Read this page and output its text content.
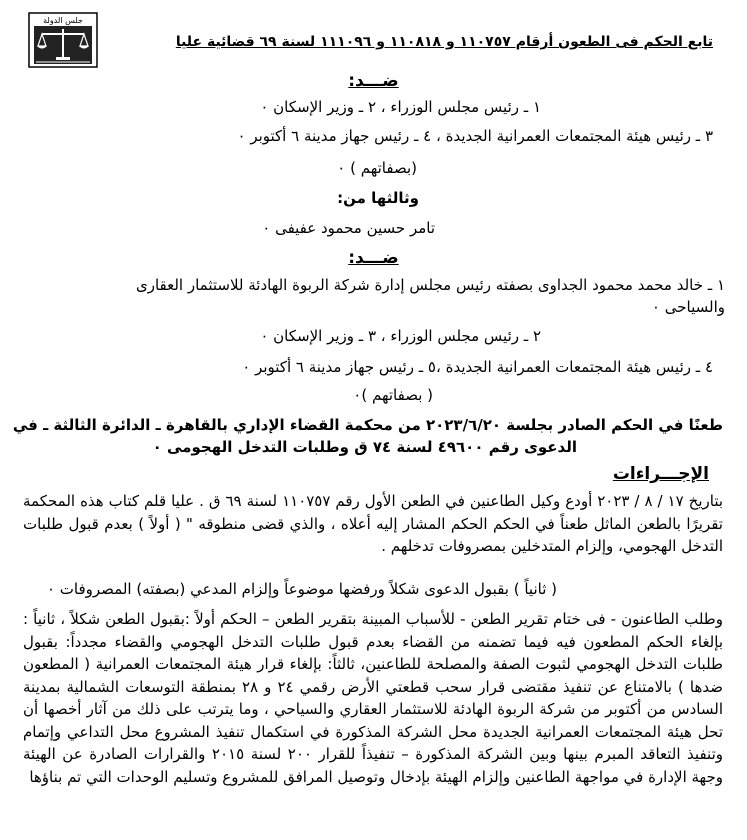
جلس الدولة
تابع الحكم فى الطعون أرقام ١١٠٧٥٧ و ١١٠٨١٨ و ١١١٠٩٦ لسنة ٦٩ قضائية عليا
ضـــد:
١ ـ رئيس مجلس الوزراء ، ٢ ـ وزير الإسكان ٠
٣ ـ رئيس هيئة المجتمعات العمرانية الجديدة ، ٤ ـ رئيس جهاز مدينة ٦ أكتوبر ٠
(بصفاتهم ) ٠
وثالثها من:
تامر حسين محمود عفيفى ٠
ضـــد:
١ ـ خالد محمد محمود الجداوى بصفته رئيس مجلس إدارة شركة الربوة الهادئة للاستثمار العقارى
والسياحى ٠
٢ ـ رئيس مجلس الوزراء ، ٣ ـ وزير الإسكان ٠
٤ ـ رئيس هيئة المجتمعات العمرانية الجديدة ،٥ ـ رئيس جهاز مدينة ٦ أكتوبر ٠
( بصفاتهم )٠
طعنًا في الحكم الصادر بجلسة ٢٠٢٣/٦/٢٠ من محكمة القضاء الإداري بالقاهرة ـ الدائرة الثالثة ـ في
الدعوى رقم ٤٩٦٠٠ لسنة ٧٤ ق وطلبات التدخل الهجومى ٠
الإجـــراءات

بتاريخ ١٧ / ٨ / ٢٠٢٣ أودع وكيل الطاعنين في الطعن الأول رقم ١١٠٧٥٧ لسنة ٦٩ ق . عليا قلم كتاب هذه المحكمة تقريرًا بالطعن الماثل طعناً في الحكم الحكم المشار إليه أعلاه ، والذي قضى منطوقه " ( أولاً ) بعدم قبول طلبات التدخل الهجومي، وإلزام المتدخلين بمصروفات تدخلهم .

( ثانياً ) بقبول الدعوى شكلاً ورفضها موضوعاً وإلزام المدعي (بصفته) المصروفات ٠

وطلب الطاعنون - فى ختام تقرير الطعن - للأسباب المبينة بتقرير الطعن – الحكم أولاً :بقبول الطعن شكلاً ، ثانياً : بإلغاء الحكم المطعون فيه فيما تضمنه من القضاء بعدم قبول طلبات التدخل الهجومي والقضاء مجدداً: بقبول طلبات التدخل الهجومي لثبوت الصفة والمصلحة للطاعنين، ثالثاً: بإلغاء قرار هيئة المجتمعات العمرانية ( المطعون ضدها ) بالامتناع عن تنفيذ مقتضى قرار سحب قطعتي الأرض رقمي ٢٤ و ٢٨ بمنطقة التوسعات الشمالية بمدينة السادس من أكتوبر من شركة الربوة الهادئة للاستثمار العقاري والسياحي ، وما يترتب على ذلك من آثار أخصها أن تحل هيئة المجتمعات العمرانية الجديدة محل الشركة المذكورة في استكمال تنفيذ المشروع محل التداعي وإتمام وتنفيذ التعاقد المبرم بينها وبين الشركة المذكورة – تنفيذاً للقرار ٢٠٠ لسنة ٢٠١٥ والقرارات الصادرة عن الهيئة وجهة الإدارة في مواجهة الطاعنين وإلزام الهيئة بإدخال وتوصيل المرافق للمشروع وتسليم الوحدات التي تم بناؤها
